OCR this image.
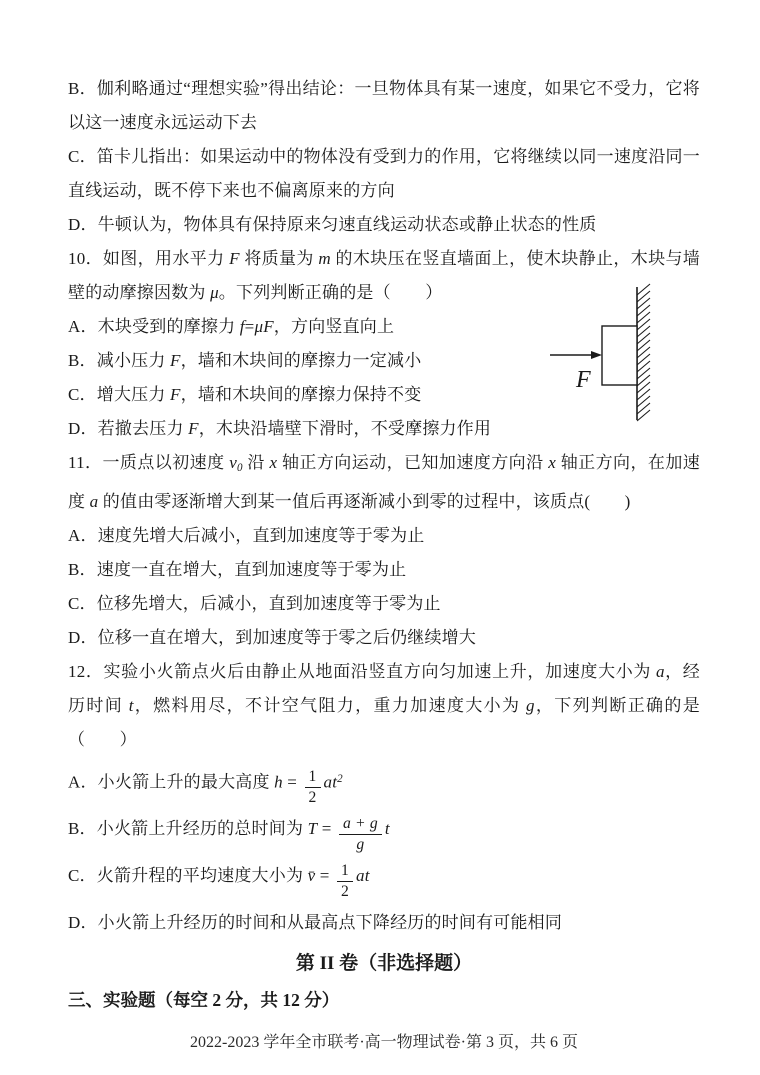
B．伽利略通过“理想实验”得出结论：一旦物体具有某一速度，如果它不受力，它将以这一速度永远运动下去

C．笛卡儿指出：如果运动中的物体没有受到力的作用，它将继续以同一速度沿同一直线运动，既不停下来也不偏离原来的方向

D．牛顿认为，物体具有保持原来匀速直线运动状态或静止状态的性质

10．如图，用水平力 F 将质量为 m 的木块压在竖直墙面上，使木块静止，木块与墙壁的动摩擦因数为 μ。下列判断正确的是（　　）

A．木块受到的摩擦力 f=μF，方向竖直向上

B．减小压力 F，墙和木块间的摩擦力一定减小

C．增大压力 F，墙和木块间的摩擦力保持不变

D．若撤去压力 F，木块沿墙壁下滑时，不受摩擦力作用

11．一质点以初速度 $v_0$ 沿 x 轴正方向运动，已知加速度方向沿 x 轴正方向，在加速度 a 的值由零逐渐增大到某一值后再逐渐减小到零的过程中，该质点(　　)

A．速度先增大后减小，直到加速度等于零为止

B．速度一直在增大，直到加速度等于零为止

C．位移先增大，后减小，直到加速度等于零为止

D．位移一直在增大，到加速度等于零之后仍继续增大

12．实验小火箭点火后由静止从地面沿竖直方向匀加速上升，加速度大小为 a，经历时间 t，燃料用尽，不计空气阻力，重力加速度大小为 g，下列判断正确的是（　　）

A．小火箭上升的最大高度 $h = \frac{1}{2} at^2$

B．小火箭上升经历的总时间为 $T = \frac{a + g}{g}$ t

C．火箭升程的平均速度大小为 v̄ = $\frac{1}{2}$ at

D．小火箭上升经历的时间和从最高点下降经历的时间有可能相同

第 II 卷（非选择题）

三、实验题（每空 2 分，共 12 分）

2022-2023 学年全市联考·高一物理试卷·第 3 页，共 6 页

F
